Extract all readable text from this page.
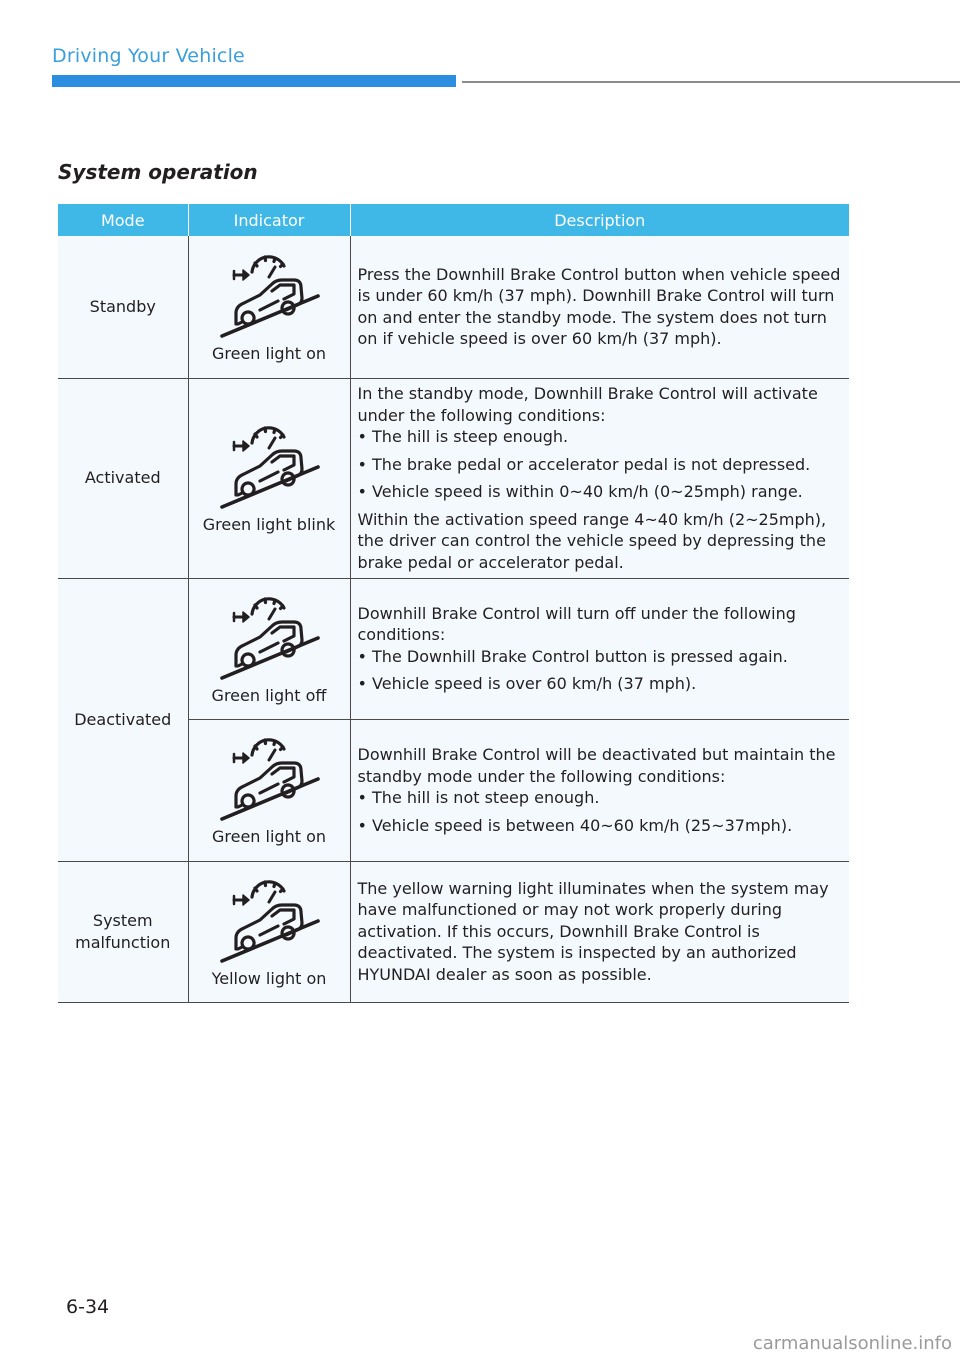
Driving Your Vehicle
System operation
Mode	Indicator	Description
Standby	Green light on	Press the Downhill Brake Control button when vehicle speed is under 60 km/h (37 mph). Downhill Brake Control will turn on and enter the standby mode. The system does not turn on if vehicle speed is over 60 km/h (37 mph).

Activated	Green light blink	In the standby mode, Downhill Brake Control will activate under the following conditions:

• The hill is steep enough.

• The brake pedal or accelerator pedal is not depressed.

• Vehicle speed is within 0~40 km/h (0~25mph) range.

Within the activation speed range 4~40 km/h (2~25mph), the driver can control the vehicle speed by depressing the brake pedal or accelerator pedal.

Deactivated	Green light off	Downhill Brake Control will turn off under the following conditions:

• The Downhill Brake Control button is pressed again.

• Vehicle speed is over 60 km/h (37 mph).

	Green light on	Downhill Brake Control will be deactivated but maintain the standby mode under the following conditions:

• The hill is not steep enough.

• Vehicle speed is between 40~60 km/h (25~37mph).

System malfunction	Yellow light on	The yellow warning light illuminates when the system may have malfunctioned or may not work properly during activation. If this occurs, Downhill Brake Control is deactivated. The system is inspected by an authorized HYUNDAI dealer as soon as possible.

6-34
carmanualsonline.info
